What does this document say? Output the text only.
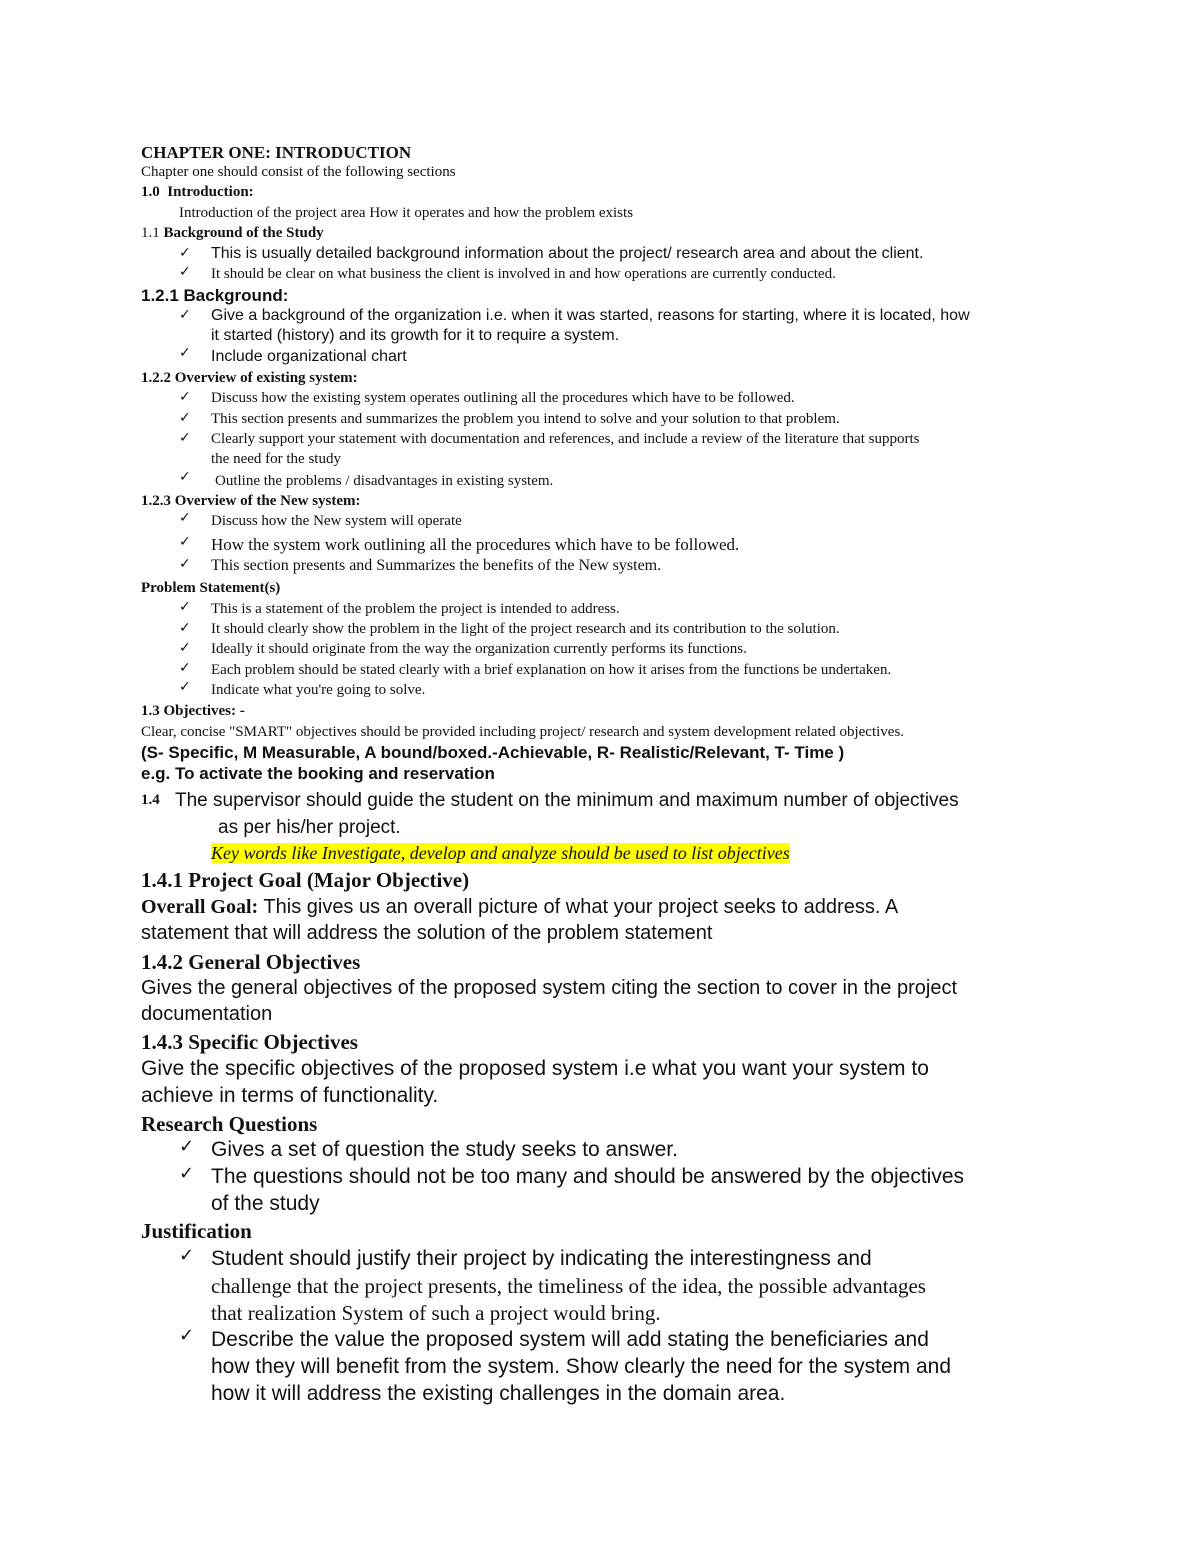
CHAPTER ONE: INTRODUCTION
Chapter one should consist of the following sections
1.0 Introduction:
Introduction of the project area How it operates and how the problem exists
1.1 Background of the Study
✓ This is usually detailed background information about the project/ research area and about the client.
✓ It should be clear on what business the client is involved in and how operations are currently conducted.
1.2.1 Background:
✓ Give a background of the organization i.e. when it was started, reasons for starting, where it is located, how
it started (history) and its growth for it to require a system.
✓ Include organizational chart
1.2.2 Overview of existing system:
✓ Discuss how the existing system operates outlining all the procedures which have to be followed.
✓ This section presents and summarizes the problem you intend to solve and your solution to that problem.
✓ Clearly support your statement with documentation and references, and include a review of the literature that supports
the need for the study
✓ Outline the problems / disadvantages in existing system.
1.2.3 Overview of the New system:
✓ Discuss how the New system will operate
✓ How the system work outlining all the procedures which have to be followed.
✓ This section presents and Summarizes the benefits of the New system.
Problem Statement(s)
✓ This is a statement of the problem the project is intended to address.
✓ It should clearly show the problem in the light of the project research and its contribution to the solution.
✓ Ideally it should originate from the way the organization currently performs its functions.
✓ Each problem should be stated clearly with a brief explanation on how it arises from the functions be undertaken.
✓ Indicate what you're going to solve.
1.3 Objectives: -
Clear, concise "SMART" objectives should be provided including project/ research and system development related objectives.
(S- Specific, M Measurable, A bound/boxed.-Achievable, R- Realistic/Relevant, T- Time )
e.g. To activate the booking and reservation
1.4 The supervisor should guide the student on the minimum and maximum number of objectives
as per his/her project.
Key words like Investigate, develop and analyze should be used to list objectives
1.4.1 Project Goal (Major Objective)
Overall Goal: This gives us an overall picture of what your project seeks to address. A
statement that will address the solution of the problem statement
1.4.2 General Objectives
Gives the general objectives of the proposed system citing the section to cover in the project
documentation
1.4.3 Specific Objectives
Give the specific objectives of the proposed system i.e what you want your system to
achieve in terms of functionality.
Research Questions
✓ Gives a set of question the study seeks to answer.
✓ The questions should not be too many and should be answered by the objectives
of the study
Justification
✓ Student should justify their project by indicating the interestingness and
challenge that the project presents, the timeliness of the idea, the possible advantages
that realization System of such a project would bring.
✓ Describe the value the proposed system will add stating the beneficiaries and
how they will benefit from the system. Show clearly the need for the system and
how it will address the existing challenges in the domain area.
